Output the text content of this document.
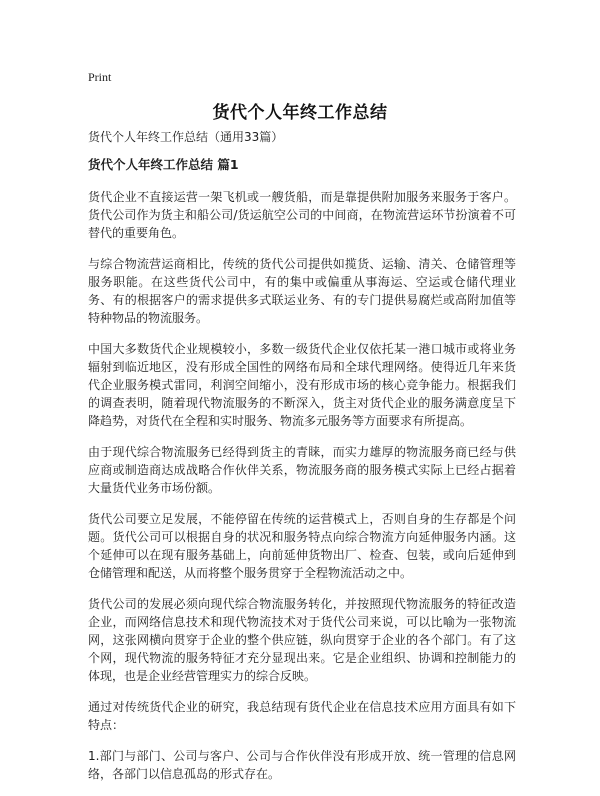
Print
货代个人年终工作总结

货代个人年终工作总结（通用33篇）

货代个人年终工作总结 篇1

货代企业不直接运营一架飞机或一艘货船，而是靠提供附加服务来服务于客户。货代公司作为货主和船公司/货运航空公司的中间商，在物流营运环节扮演着不可替代的重要角色。

与综合物流营运商相比，传统的货代公司提供如揽货、运输、清关、仓储管理等服务职能。在这些货代公司中，有的集中或偏重从事海运、空运或仓储代理业务、有的根据客户的需求提供多式联运业务、有的专门提供易腐烂或高附加值等特种物品的物流服务。

中国大多数货代企业规模较小，多数一级货代企业仅依托某一港口城市或将业务辐射到临近地区，没有形成全国性的网络布局和全球代理网络。使得近几年来货代企业服务模式雷同，利润空间缩小，没有形成市场的核心竞争能力。根据我们的调查表明，随着现代物流服务的不断深入，货主对货代企业的服务满意度呈下降趋势，对货代在全程和实时服务、物流多元服务等方面要求有所提高。

由于现代综合物流服务已经得到货主的青睐，而实力雄厚的物流服务商已经与供应商或制造商达成战略合作伙伴关系，物流服务商的服务模式实际上已经占据着大量货代业务市场份额。

货代公司要立足发展，不能停留在传统的运营模式上，否则自身的生存都是个问题。货代公司可以根据自身的状况和服务特点向综合物流方向延伸服务内涵。这个延伸可以在现有服务基础上，向前延伸货物出厂、检查、包装，或向后延伸到仓储管理和配送，从而将整个服务贯穿于全程物流活动之中。

货代公司的发展必须向现代综合物流服务转化，并按照现代物流服务的特征改造企业，而网络信息技术和现代物流技术对于货代公司来说，可以比喻为一张物流网，这张网横向贯穿于企业的整个供应链，纵向贯穿于企业的各个部门。有了这个网，现代物流的服务特征才充分显现出来。它是企业组织、协调和控制能力的体现，也是企业经营管理实力的综合反映。

通过对传统货代企业的研究，我总结现有货代企业在信息技术应用方面具有如下特点：

1.部门与部门、公司与客户、公司与合作伙伴没有形成开放、统一管理的信息网络，各部门以信息孤岛的形式存在。
